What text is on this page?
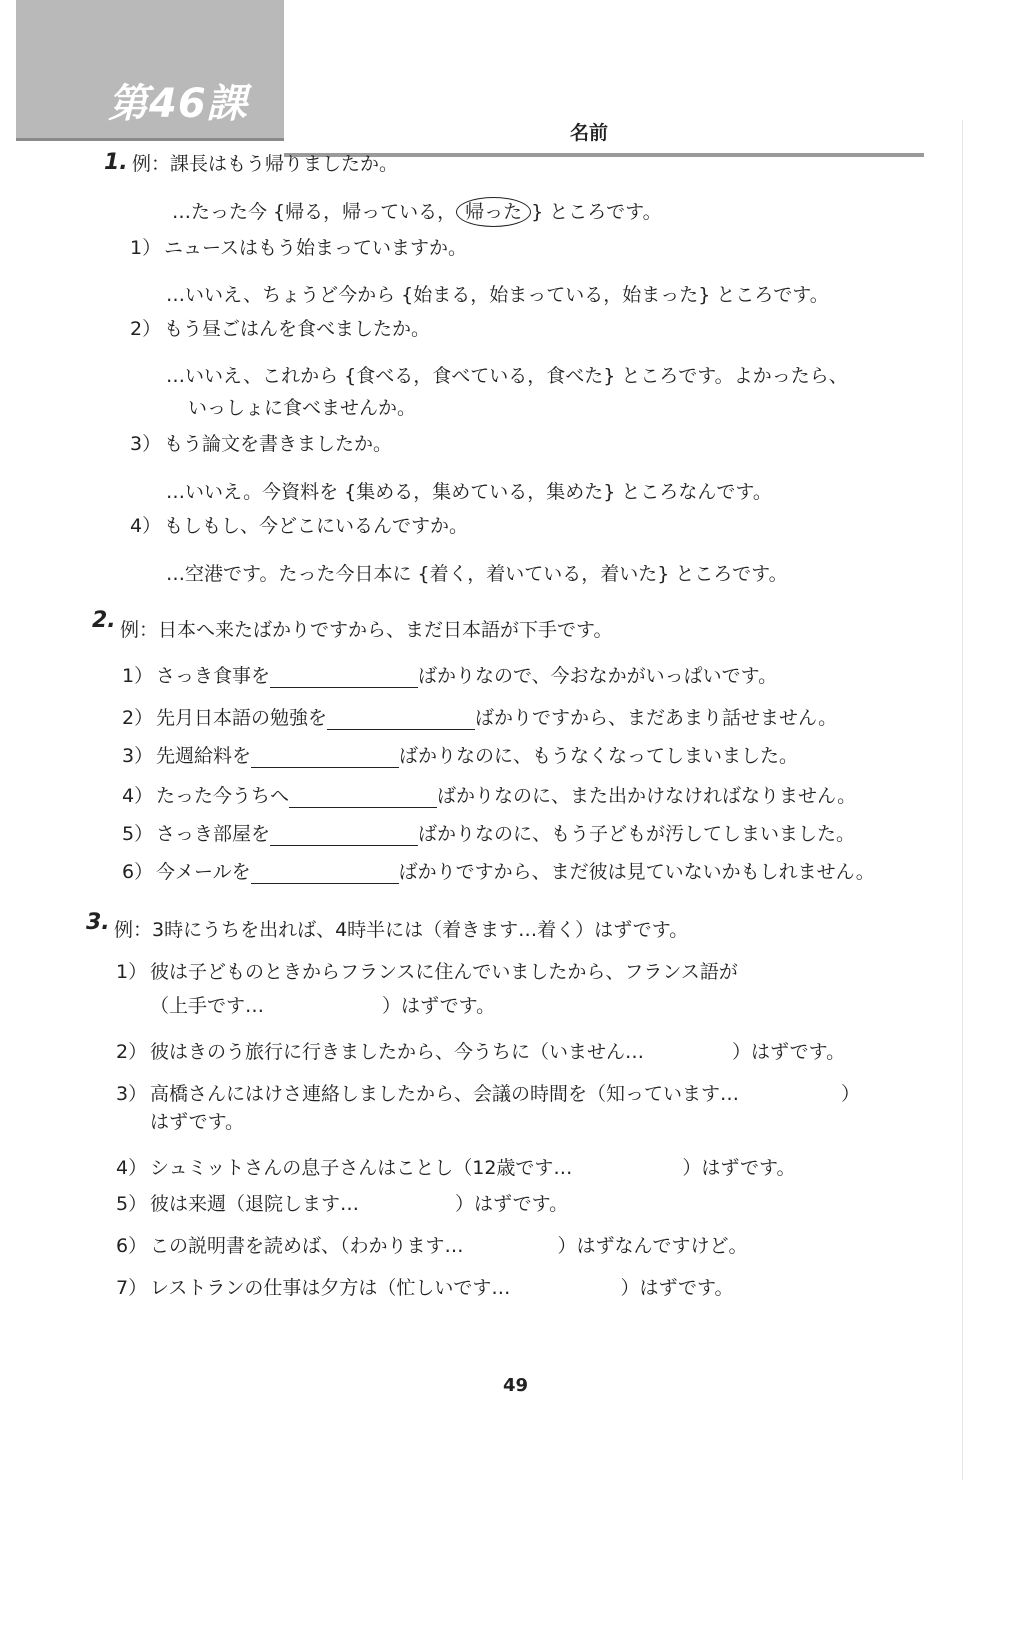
第46課
名前
1. 例：課長はもう帰りましたか。
…たった今 {帰る，帰っている， 帰った } ところです。
1） ニュースはもう始まっていますか。
…いいえ、ちょうど今から {始まる，始まっている，始まった} ところです。
2） もう昼ごはんを食べましたか。
…いいえ、これから {食べる，食べている，食べた} ところです。よかったら、
いっしょに食べませんか。
3） もう論文を書きましたか。
…いいえ。今資料を {集める，集めている，集めた} ところなんです。
4） もしもし、今どこにいるんですか。
…空港です。たった今日本に {着く，着いている，着いた} ところです。
2. 例：日本へ来たばかりですから、まだ日本語が下手です。
1） さっき食事を	ばかりなので、今おなかがいっぱいです。
2） 先月日本語の勉強を	ばかりですから、まだあまり話せません。
3） 先週給料を	ばかりなのに、もうなくなってしまいました。
4） たった今うちへ	ばかりなのに、また出かけなければなりません。
5） さっき部屋を	ばかりなのに、もう子どもが汚してしまいました。
6） 今メールを	ばかりですから、まだ彼は見ていないかもしれません。
3. 例：3時にうちを出れば、4時半には（着きます…着く）はずです。
1） 彼は子どものときからフランスに住んでいましたから、フランス語が
（上手です…	）はずです。
2） 彼はきのう旅行に行きましたから、今うちに（いません…	）はずです。
3） 高橋さんにはけさ連絡しましたから、会議の時間を（知っています…	）
はずです。
4） シュミットさんの息子さんはことし（12歳です…	）はずです。
5） 彼は来週（退院します…	）はずです。
6） この説明書を読めば、（わかります…	）はずなんですけど。
7） レストランの仕事は夕方は（忙しいです…	）はずです。
49
